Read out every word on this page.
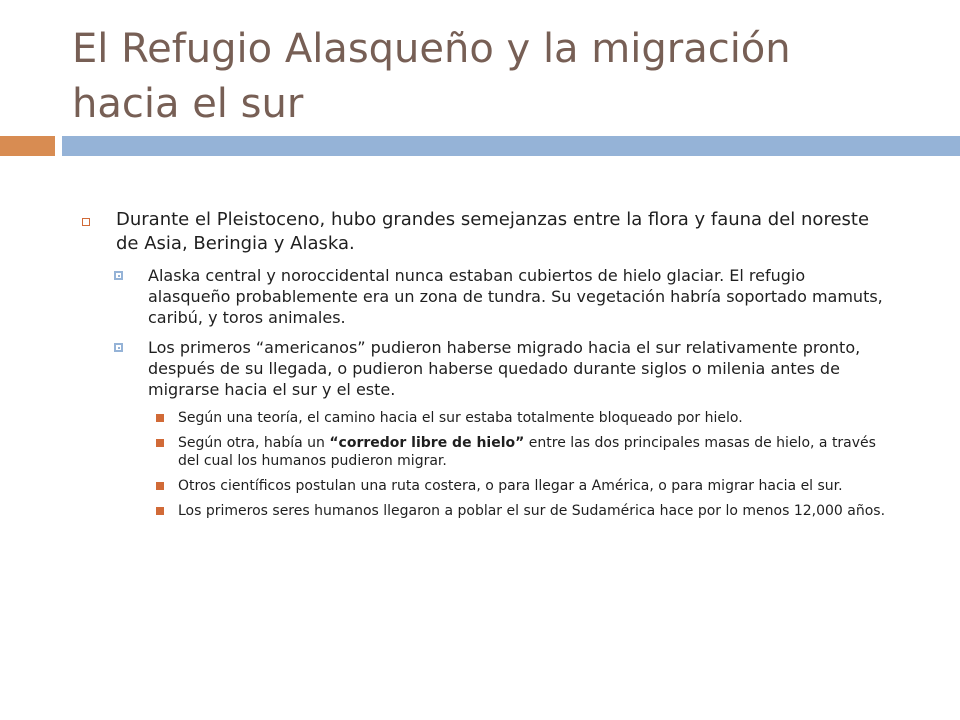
El Refugio Alasqueño y la migración hacia el sur
Durante el Pleistoceno, hubo grandes semejanzas entre la flora y fauna del noreste de Asia, Beringia y Alaska.
Alaska central y noroccidental nunca estaban cubiertos de hielo glaciar. El refugio alasqueño probablemente era un zona de tundra. Su vegetación habría soportado mamuts, caribú, y toros animales.
Los primeros “americanos” pudieron haberse migrado hacia el sur relativamente pronto, después de su llegada, o pudieron haberse quedado durante siglos o milenia antes de migrarse hacia el sur y el este.
Según una teoría, el camino hacia el sur estaba totalmente bloqueado por hielo.
Según otra, había un “corredor libre de hielo” entre las dos principales masas de hielo, a través del cual los humanos pudieron migrar.
Otros científicos postulan una ruta costera, o para llegar a América, o para migrar hacia el sur.
Los primeros seres humanos llegaron a poblar el sur de Sudamérica hace por lo menos 12,000 años.
